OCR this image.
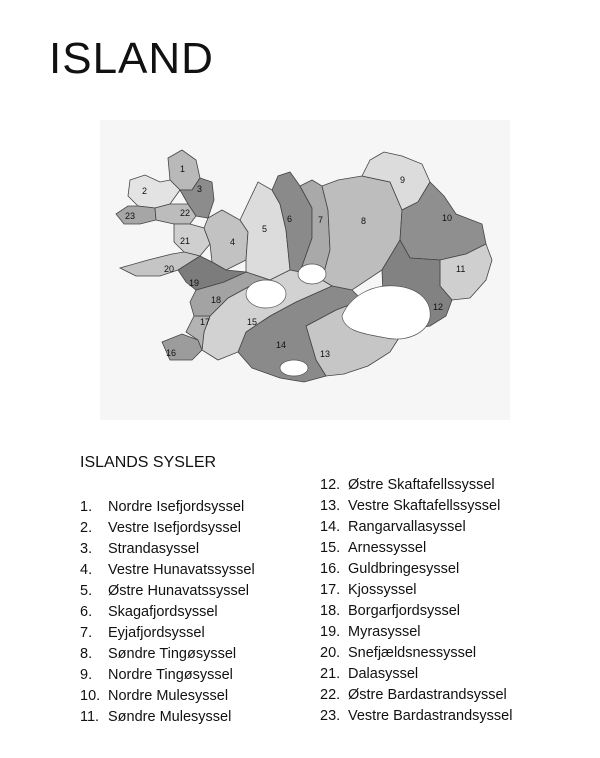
ISLAND
1
2	3
4
5
6	7	8
9
10
11
12
13
14
15
16
17
18
19
20
21
22
23
ISLANDS SYSLER
1. Nordre Isefjordsyssel
2. Vestre Isefjordsyssel
3. Strandasyssel
4. Vestre Hunavatssyssel
5. Østre Hunavatssyssel
6. Skagafjordsyssel
7. Eyjafjordsyssel
8. Søndre Tingøsyssel
9. Nordre Tingøsyssel
10. Nordre Mulesyssel
11. Søndre Mulesyssel
12. Østre Skaftafellssyssel
13. Vestre Skaftafellssyssel
14. Rangarvallasyssel
15. Arnessyssel
16. Guldbringesyssel
17. Kjossyssel
18. Borgarfjordsyssel
19. Myrasyssel
20. Snefjældsnessyssel
21. Dalasyssel
22. Østre Bardastrandsyssel
23. Vestre Bardastrandsyssel
